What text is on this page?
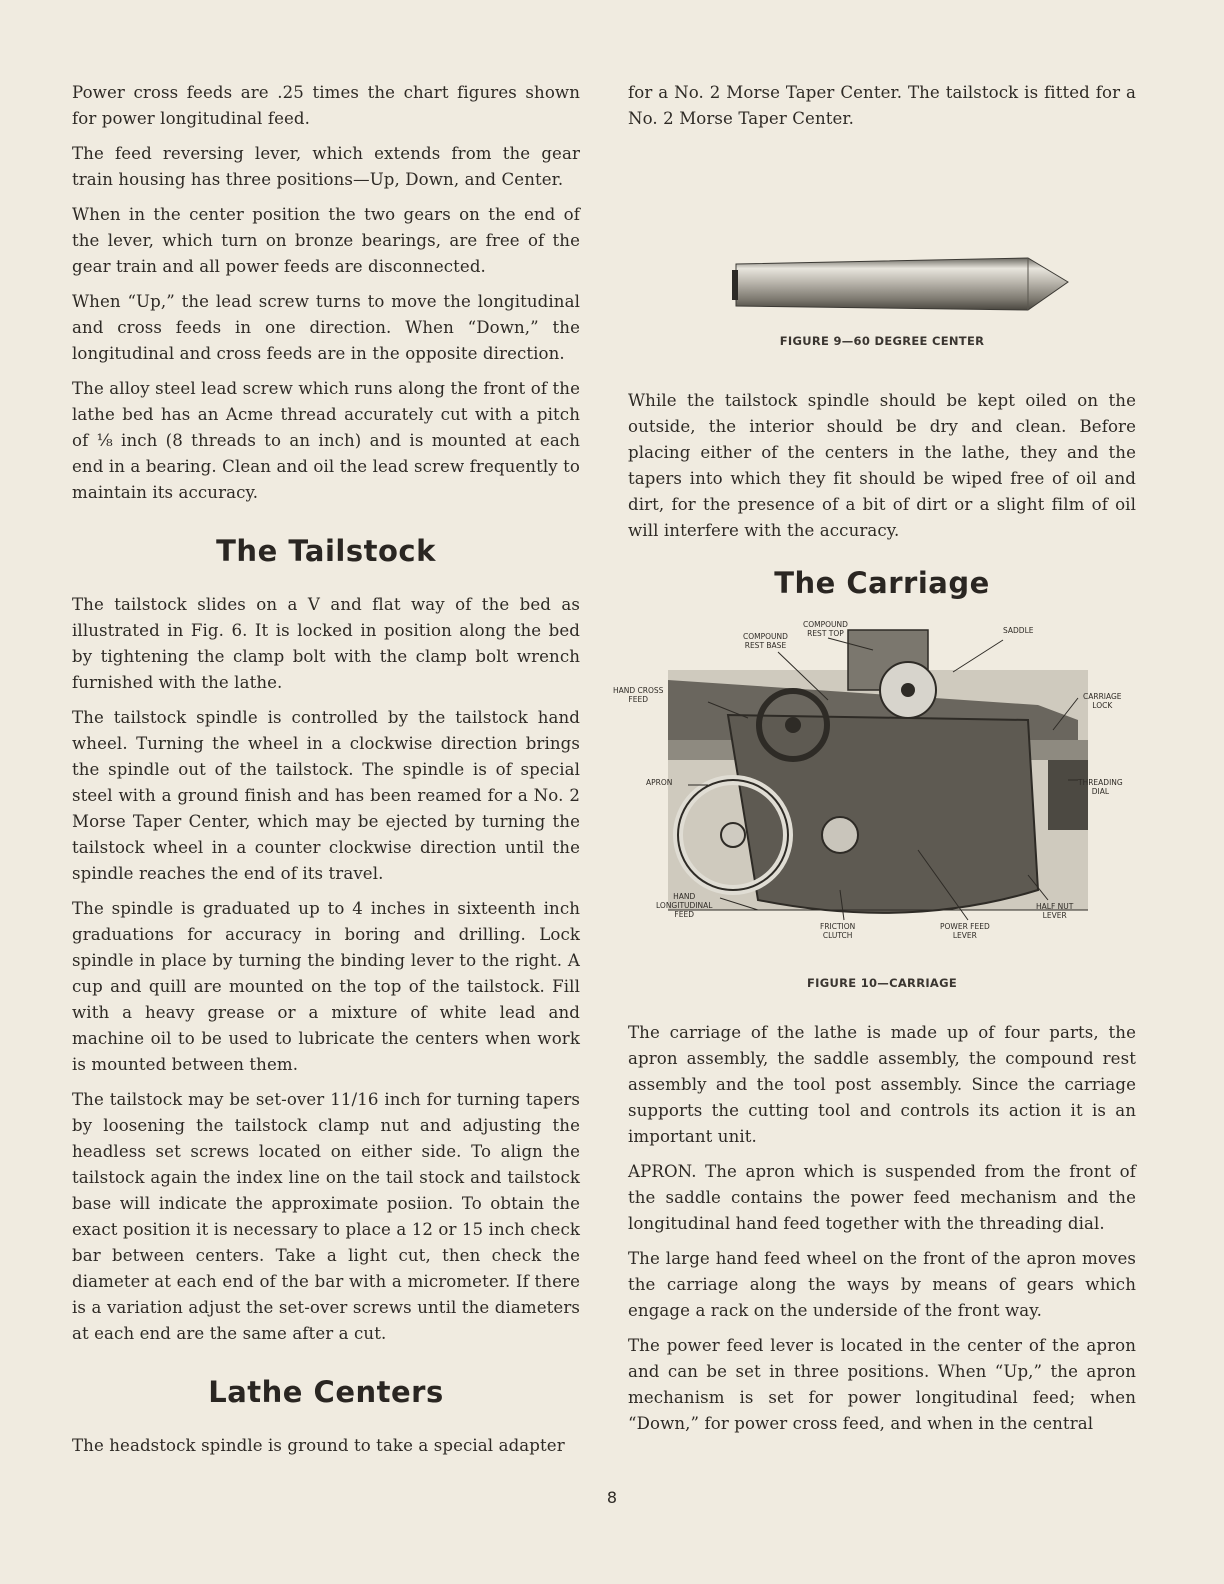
Power cross feeds are .25 times the chart figures shown for power longitudinal feed.

The feed reversing lever, which extends from the gear train housing has three positions—Up, Down, and Center.

When in the center position the two gears on the end of the lever, which turn on bronze bearings, are free of the gear train and all power feeds are disconnected.

When “Up,” the lead screw turns to move the longitudinal and cross feeds in one direction. When “Down,” the longitudinal and cross feeds are in the opposite direction.

The alloy steel lead screw which runs along the front of the lathe bed has an Acme thread accurately cut with a pitch of ⅛ inch (8 threads to an inch) and is mounted at each end in a bearing. Clean and oil the lead screw frequently to maintain its accuracy.

The Tailstock

The tailstock slides on a V and flat way of the bed as illustrated in Fig. 6. It is locked in position along the bed by tightening the clamp bolt with the clamp bolt wrench furnished with the lathe.

The tailstock spindle is controlled by the tailstock hand wheel. Turning the wheel in a clockwise direction brings the spindle out of the tailstock. The spindle is of special steel with a ground finish and has been reamed for a No. 2 Morse Taper Center, which may be ejected by turning the tailstock wheel in a counter clockwise direction until the spindle reaches the end of its travel.

The spindle is graduated up to 4 inches in sixteenth inch graduations for accuracy in boring and drilling. Lock spindle in place by turning the binding lever to the right. A cup and quill are mounted on the top of the tailstock. Fill with a heavy grease or a mixture of white lead and machine oil to be used to lubricate the centers when work is mounted between them.

The tailstock may be set-over 11/16 inch for turning tapers by loosening the tailstock clamp nut and adjusting the headless set screws located on either side. To align the tailstock again the index line on the tail stock and tailstock base will indicate the approximate posiion. To obtain the exact position it is necessary to place a 12 or 15 inch check bar between centers. Take a light cut, then check the diameter at each end of the bar with a micrometer. If there is a variation adjust the set-over screws until the diameters at each end are the same after a cut.

Lathe Centers

The headstock spindle is ground to take a special adapter

for a No. 2 Morse Taper Center. The tailstock is fitted for a No. 2 Morse Taper Center.

FIGURE 9—60 DEGREE CENTER

While the tailstock spindle should be kept oiled on the outside, the interior should be dry and clean. Before placing either of the centers in the lathe, they and the tapers into which they fit should be wiped free of oil and dirt, for the presence of a bit of dirt or a slight film of oil will interfere with the accuracy.

The Carriage
COMPOUND
REST BASE
COMPOUND
REST TOP	SADDLE
HAND CROSS
FEED	CARRIAGE
LOCK
APRON	THREADING
DIAL
HAND
LONGITUDINAL
FEED
FRICTION
CLUTCH
POWER FEED
LEVER
HALF NUT
LEVER
FIGURE 10—CARRIAGE

The carriage of the lathe is made up of four parts, the apron assembly, the saddle assembly, the compound rest assembly and the tool post assembly. Since the carriage supports the cutting tool and controls its action it is an important unit.

APRON. The apron which is suspended from the front of the saddle contains the power feed mechanism and the longitudinal hand feed together with the threading dial.

The large hand feed wheel on the front of the apron moves the carriage along the ways by means of gears which engage a rack on the underside of the front way.

The power feed lever is located in the center of the apron and can be set in three positions. When “Up,” the apron mechanism is set for power longitudinal feed; when “Down,” for power cross feed, and when in the central

8
